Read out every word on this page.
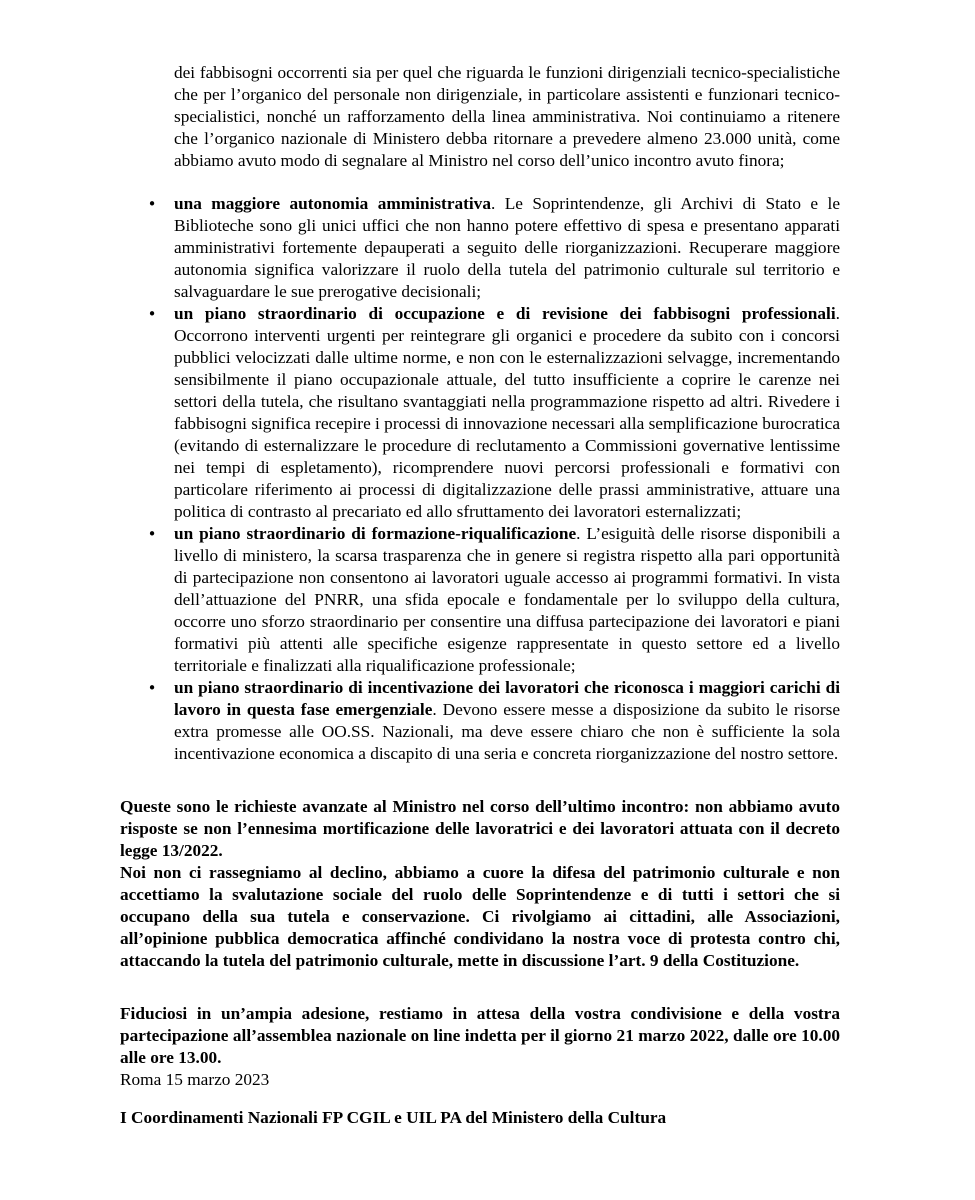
dei fabbisogni occorrenti sia per quel che riguarda le funzioni dirigenziali tecnico-specialistiche che per l’organico del personale non dirigenziale, in particolare assistenti e funzionari tecnico-specialistici, nonché un rafforzamento della linea amministrativa. Noi continuiamo a ritenere che l’organico nazionale di Ministero debba ritornare a prevedere almeno 23.000 unità, come abbiamo avuto modo di segnalare al Ministro nel corso dell’unico incontro avuto finora;

• una maggiore autonomia amministrativa. Le Soprintendenze, gli Archivi di Stato e le Biblioteche sono gli unici uffici che non hanno potere effettivo di spesa e presentano apparati amministrativi fortemente depauperati a seguito delle riorganizzazioni. Recuperare maggiore autonomia significa valorizzare il ruolo della tutela del patrimonio culturale sul territorio e salvaguardare le sue prerogative decisionali;
• un piano straordinario di occupazione e di revisione dei fabbisogni professionali. Occorrono interventi urgenti per reintegrare gli organici e procedere da subito con i concorsi pubblici velocizzati dalle ultime norme, e non con le esternalizzazioni selvagge, incrementando sensibilmente il piano occupazionale attuale, del tutto insufficiente a coprire le carenze nei settori della tutela, che risultano svantaggiati nella programmazione rispetto ad altri. Rivedere i fabbisogni significa recepire i processi di innovazione necessari alla semplificazione burocratica (evitando di esternalizzare le procedure di reclutamento a Commissioni governative lentissime nei tempi di espletamento), ricomprendere nuovi percorsi professionali e formativi con particolare riferimento ai processi di digitalizzazione delle prassi amministrative, attuare una politica di contrasto al precariato ed allo sfruttamento dei lavoratori esternalizzati;
• un piano straordinario di formazione-riqualificazione. L’esiguità delle risorse disponibili a livello di ministero, la scarsa trasparenza che in genere si registra rispetto alla pari opportunità di partecipazione non consentono ai lavoratori uguale accesso ai programmi formativi. In vista dell’attuazione del PNRR, una sfida epocale e fondamentale per lo sviluppo della cultura, occorre uno sforzo straordinario per consentire una diffusa partecipazione dei lavoratori e piani formativi più attenti alle specifiche esigenze rappresentate in questo settore ed a livello territoriale e finalizzati alla riqualificazione professionale;
• un piano straordinario di incentivazione dei lavoratori che riconosca i maggiori carichi di lavoro in questa fase emergenziale. Devono essere messe a disposizione da subito le risorse extra promesse alle OO.SS. Nazionali, ma deve essere chiaro che non è sufficiente la sola incentivazione economica a discapito di una seria e concreta riorganizzazione del nostro settore.

Queste sono le richieste avanzate al Ministro nel corso dell’ultimo incontro: non abbiamo avuto risposte se non l’ennesima mortificazione delle lavoratrici e dei lavoratori attuata con il decreto legge 13/2022.

Noi non ci rassegniamo al declino, abbiamo a cuore la difesa del patrimonio culturale e non accettiamo la svalutazione sociale del ruolo delle Soprintendenze e di tutti i settori che si occupano della sua tutela e conservazione. Ci rivolgiamo ai cittadini, alle Associazioni, all’opinione pubblica democratica affinché condividano la nostra voce di protesta contro chi, attaccando la tutela del patrimonio culturale, mette in discussione l’art. 9 della Costituzione.

Fiduciosi in un’ampia adesione, restiamo in attesa della vostra condivisione e della vostra partecipazione all’assemblea nazionale on line indetta per il giorno 21 marzo 2022, dalle ore 10.00 alle ore 13.00.

Roma 15 marzo 2023

I Coordinamenti Nazionali FP CGIL e UIL PA del Ministero della Cultura
